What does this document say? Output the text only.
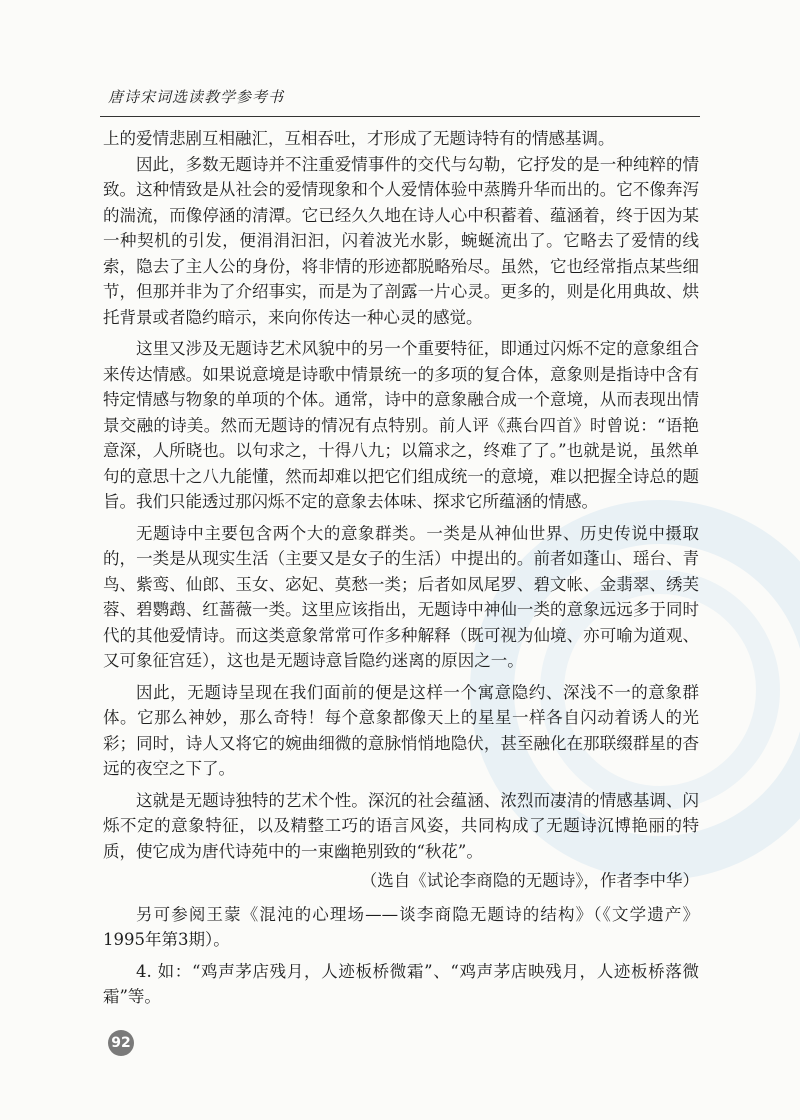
唐诗宋词选读教学参考书

上的爱情悲剧互相融汇，互相吞吐，才形成了无题诗特有的情感基调。

因此，多数无题诗并不注重爱情事件的交代与勾勒，它抒发的是一种纯粹的情致。这种情致是从社会的爱情现象和个人爱情体验中蒸腾升华而出的。它不像奔泻的湍流，而像停涵的清潭。它已经久久地在诗人心中积蓄着、蕴涵着，终于因为某一种契机的引发，便涓涓汩汩，闪着波光水影，蜿蜒流出了。它略去了爱情的线索，隐去了主人公的身份，将非情的形迹都脱略殆尽。虽然，它也经常指点某些细节，但那并非为了介绍事实，而是为了剖露一片心灵。更多的，则是化用典故、烘托背景或者隐约暗示，来向你传达一种心灵的感觉。

这里又涉及无题诗艺术风貌中的另一个重要特征，即通过闪烁不定的意象组合来传达情感。如果说意境是诗歌中情景统一的多项的复合体，意象则是指诗中含有特定情感与物象的单项的个体。通常，诗中的意象融合成一个意境，从而表现出情景交融的诗美。然而无题诗的情况有点特别。前人评《燕台四首》时曾说：“语艳意深，人所晓也。以句求之，十得八九；以篇求之，终难了了。”也就是说，虽然单句的意思十之八九能懂，然而却难以把它们组成统一的意境，难以把握全诗总的题旨。我们只能透过那闪烁不定的意象去体味、探求它所蕴涵的情感。

无题诗中主要包含两个大的意象群类。一类是从神仙世界、历史传说中摄取的，一类是从现实生活（主要又是女子的生活）中提出的。前者如蓬山、瑶台、青鸟、紫鸾、仙郎、玉女、宓妃、莫愁一类；后者如凤尾罗、碧文帐、金翡翠、绣芙蓉、碧鹦鹉、红蔷薇一类。这里应该指出，无题诗中神仙一类的意象远远多于同时代的其他爱情诗。而这类意象常常可作多种解释（既可视为仙境、亦可喻为道观、又可象征宫廷），这也是无题诗意旨隐约迷离的原因之一。

因此，无题诗呈现在我们面前的便是这样一个寓意隐约、深浅不一的意象群体。它那么神妙，那么奇特！每个意象都像天上的星星一样各自闪动着诱人的光彩；同时，诗人又将它的婉曲细微的意脉悄悄地隐伏，甚至融化在那联缀群星的杳远的夜空之下了。

这就是无题诗独特的艺术个性。深沉的社会蕴涵、浓烈而凄清的情感基调、闪烁不定的意象特征，以及精整工巧的语言风姿，共同构成了无题诗沉博艳丽的特质，使它成为唐代诗苑中的一束幽艳别致的“秋花”。

（选自《试论李商隐的无题诗》，作者李中华）

另可参阅王蒙《混沌的心理场——谈李商隐无题诗的结构》（《文学遗产》1995年第3期）。

4. 如：“鸡声茅店残月，人迹板桥微霜”、“鸡声茅店映残月，人迹板桥落微霜”等。

92
